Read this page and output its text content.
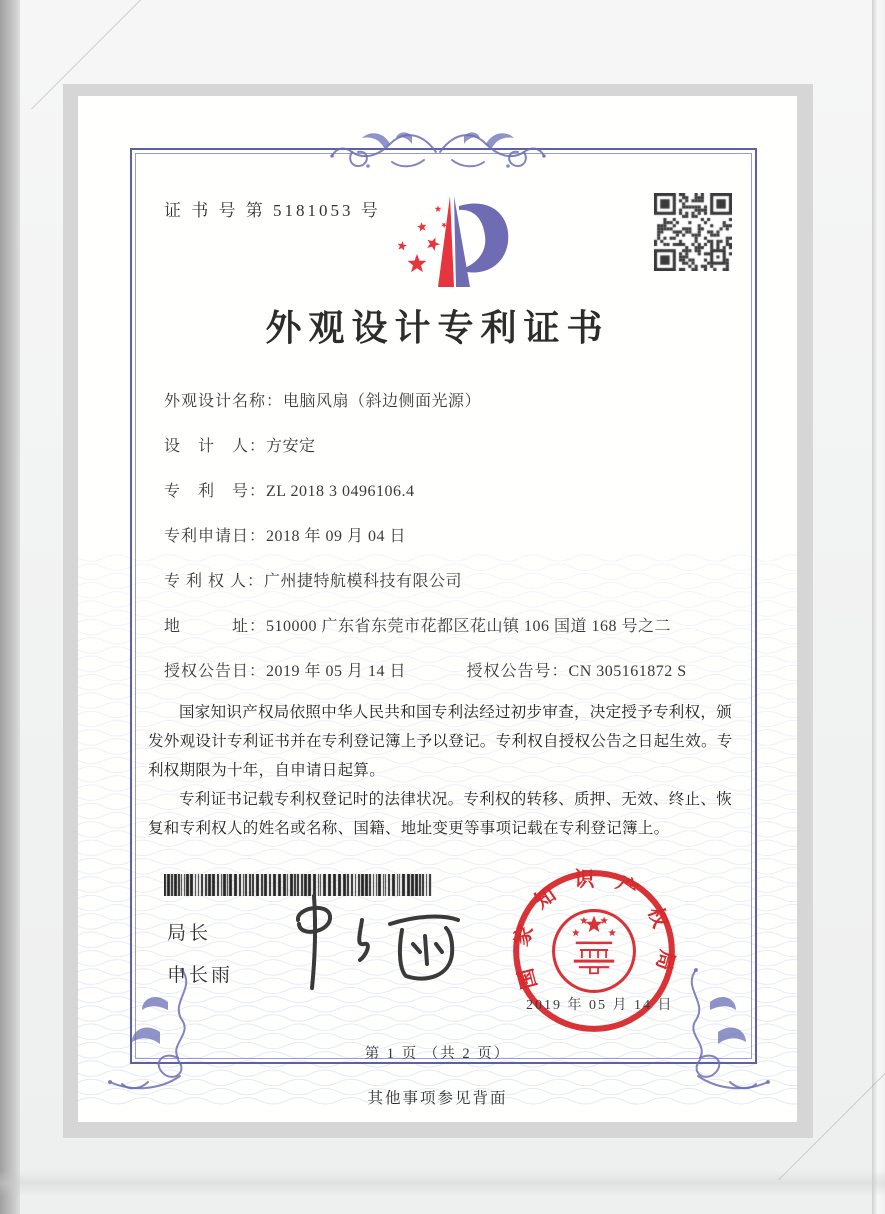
证 书 号 第 5181053 号
外观设计专利证书
外观设计名称：电脑风扇（斜边侧面光源）
设　计　人：方安定
专　利　号：ZL 2018 3 0496106.4
专利申请日：2018 年 09 月 04 日
专 利 权 人：广州捷特航模科技有限公司
地　　　址：510000 广东省东莞市花都区花山镇 106 国道 168 号之二
授权公告日：2019 年 05 月 14 日	授权公告号：CN 305161872 S

国家知识产权局依照中华人民共和国专利法经过初步审查，决定授予专利权，颁发外观设计专利证书并在专利登记簿上予以登记。专利权自授权公告之日起生效。专利权期限为十年，自申请日起算。

专利证书记载专利权登记时的法律状况。专利权的转移、质押、无效、终止、恢复和专利权人的姓名或名称、国籍、地址变更等事项记载在专利登记簿上。

局长
申长雨	国家知识产权局
2019 年 05 月 14 日
第 1 页 （共 2 页）
其他事项参见背面
